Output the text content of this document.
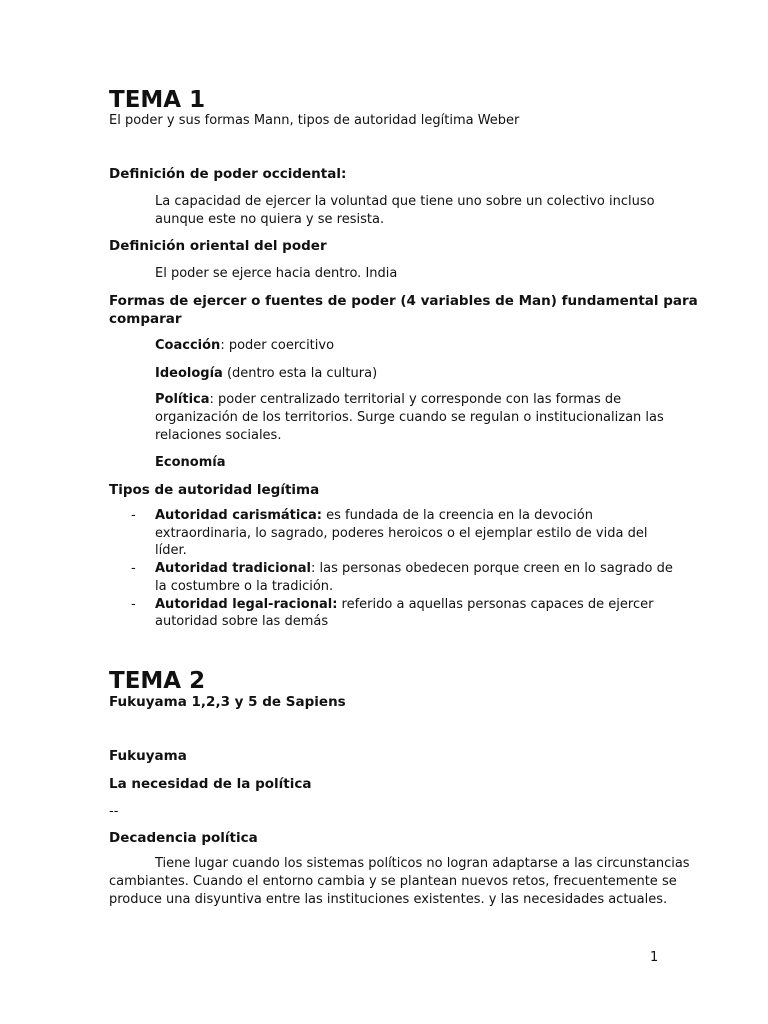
TEMA 1
El poder y sus formas Mann, tipos de autoridad legítima Weber
Definición de poder occidental:
La capacidad de ejercer la voluntad que tiene uno sobre un colectivo incluso
aunque este no quiera y se resista.
Definición oriental del poder
El poder se ejerce hacia dentro. India
Formas de ejercer o fuentes de poder (4 variables de Man) fundamental para
comparar
Coacción: poder coercitivo
Ideología (dentro esta la cultura)
Política: poder centralizado territorial y corresponde con las formas de
organización de los territorios. Surge cuando se regulan o institucionalizan las
relaciones sociales.
Economía
Tipos de autoridad legítima
- Autoridad carismática: es fundada de la creencia en la devoción
extraordinaria, lo sagrado, poderes heroicos o el ejemplar estilo de vida del
líder.
- Autoridad tradicional: las personas obedecen porque creen en lo sagrado de
la costumbre o la tradición.
- Autoridad legal-racional: referido a aquellas personas capaces de ejercer
autoridad sobre las demás
TEMA 2
Fukuyama 1,2,3 y 5 de Sapiens
Fukuyama
La necesidad de la política
--
Decadencia política
Tiene lugar cuando los sistemas políticos no logran adaptarse a las circunstancias
cambiantes. Cuando el entorno cambia y se plantean nuevos retos, frecuentemente se
produce una disyuntiva entre las instituciones existentes. y las necesidades actuales.
1
